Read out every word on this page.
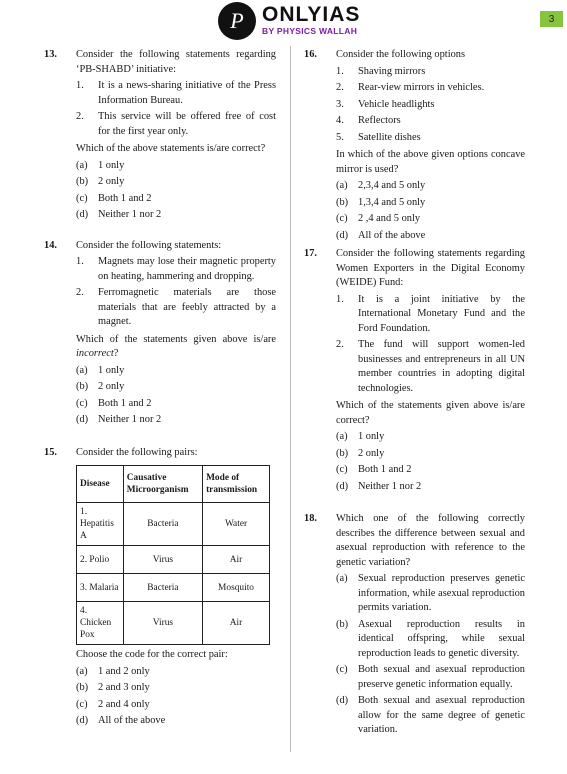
P ONLYIAS
BY PHYSICS WALLAH
3
13. Consider the following statements regarding ‘PB-SHABD’ initiative:
1. It is a news-sharing initiative of the Press Information Bureau.
2. This service will be offered free of cost for the first year only.
Which of the above statements is/are correct?
(a) 1 only
(b) 2 only
(c) Both 1 and 2
(d) Neither 1 nor 2
14. Consider the following statements:
1. Magnets may lose their magnetic property on heating, hammering and dropping.
2. Ferromagnetic materials are those materials that are feebly attracted by a magnet.
Which of the statements given above is/are incorrect?
(a) 1 only
(b) 2 only
(c) Both 1 and 2
(d) Neither 1 nor 2
15. Consider the following pairs:
Disease	Causative Microorganism	Mode of transmission
1. Hepatitis A	Bacteria	Water
2. Polio	Virus	Air
3. Malaria	Bacteria	Mosquito
4. Chicken Pox	Virus	Air
Choose the code for the correct pair:
(a) 1 and 2 only
(b) 2 and 3 only
(c) 2 and 4 only
(d) All of the above
16. Consider the following options
1. Shaving mirrors
2. Rear-view mirrors in vehicles.
3. Vehicle headlights
4. Reflectors
5. Satellite dishes
In which of the above given options concave mirror is used?
(a) 2,3,4 and 5 only
(b) 1,3,4 and 5 only
(c) 2 ,4 and 5 only
(d) All of the above
17. Consider the following statements regarding Women Exporters in the Digital Economy (WEIDE) Fund:
1. It is a joint initiative by the International Monetary Fund and the Ford Foundation.
2. The fund will support women-led businesses and entrepreneurs in all UN member countries in adopting digital technologies.
Which of the statements given above is/are correct?
(a) 1 only
(b) 2 only
(c) Both 1 and 2
(d) Neither 1 nor 2
18. Which one of the following correctly describes the difference between sexual and asexual reproduction with reference to the genetic variation?
(a) Sexual reproduction preserves genetic information, while asexual reproduction permits variation.
(b) Asexual reproduction results in identical offspring, while sexual reproduction leads to genetic diversity.
(c) Both sexual and asexual reproduction preserve genetic information equally.
(d) Both sexual and asexual reproduction allow for the same degree of genetic variation.
